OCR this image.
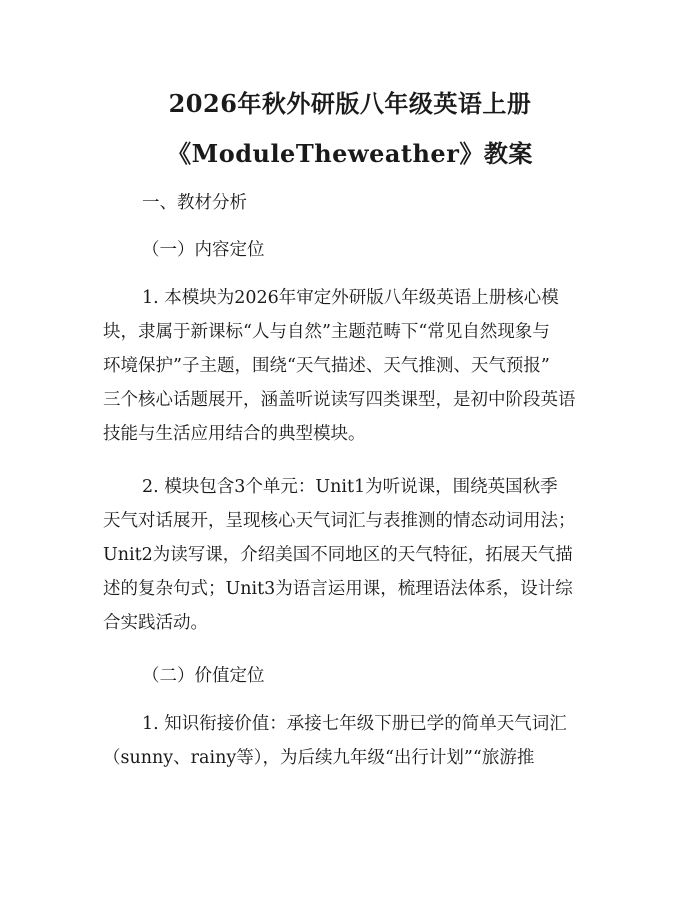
2026年秋外研版八年级英语上册
《ModuleTheweather》教案
一、教材分析
（一）内容定位
1. 本模块为2026年审定外研版八年级英语上册核心模
块，隶属于新课标“人与自然”主题范畴下“常见自然现象与
环境保护”子主题，围绕“天气描述、天气推测、天气预报”
三个核心话题展开，涵盖听说读写四类课型，是初中阶段英语
技能与生活应用结合的典型模块。
2. 模块包含3个单元：Unit1为听说课，围绕英国秋季
天气对话展开，呈现核心天气词汇与表推测的情态动词用法；
Unit2为读写课，介绍美国不同地区的天气特征，拓展天气描
述的复杂句式；Unit3为语言运用课，梳理语法体系，设计综
合实践活动。
（二）价值定位
1. 知识衔接价值：承接七年级下册已学的简单天气词汇
（sunny、rainy等），为后续九年级“出行计划”“旅游推
